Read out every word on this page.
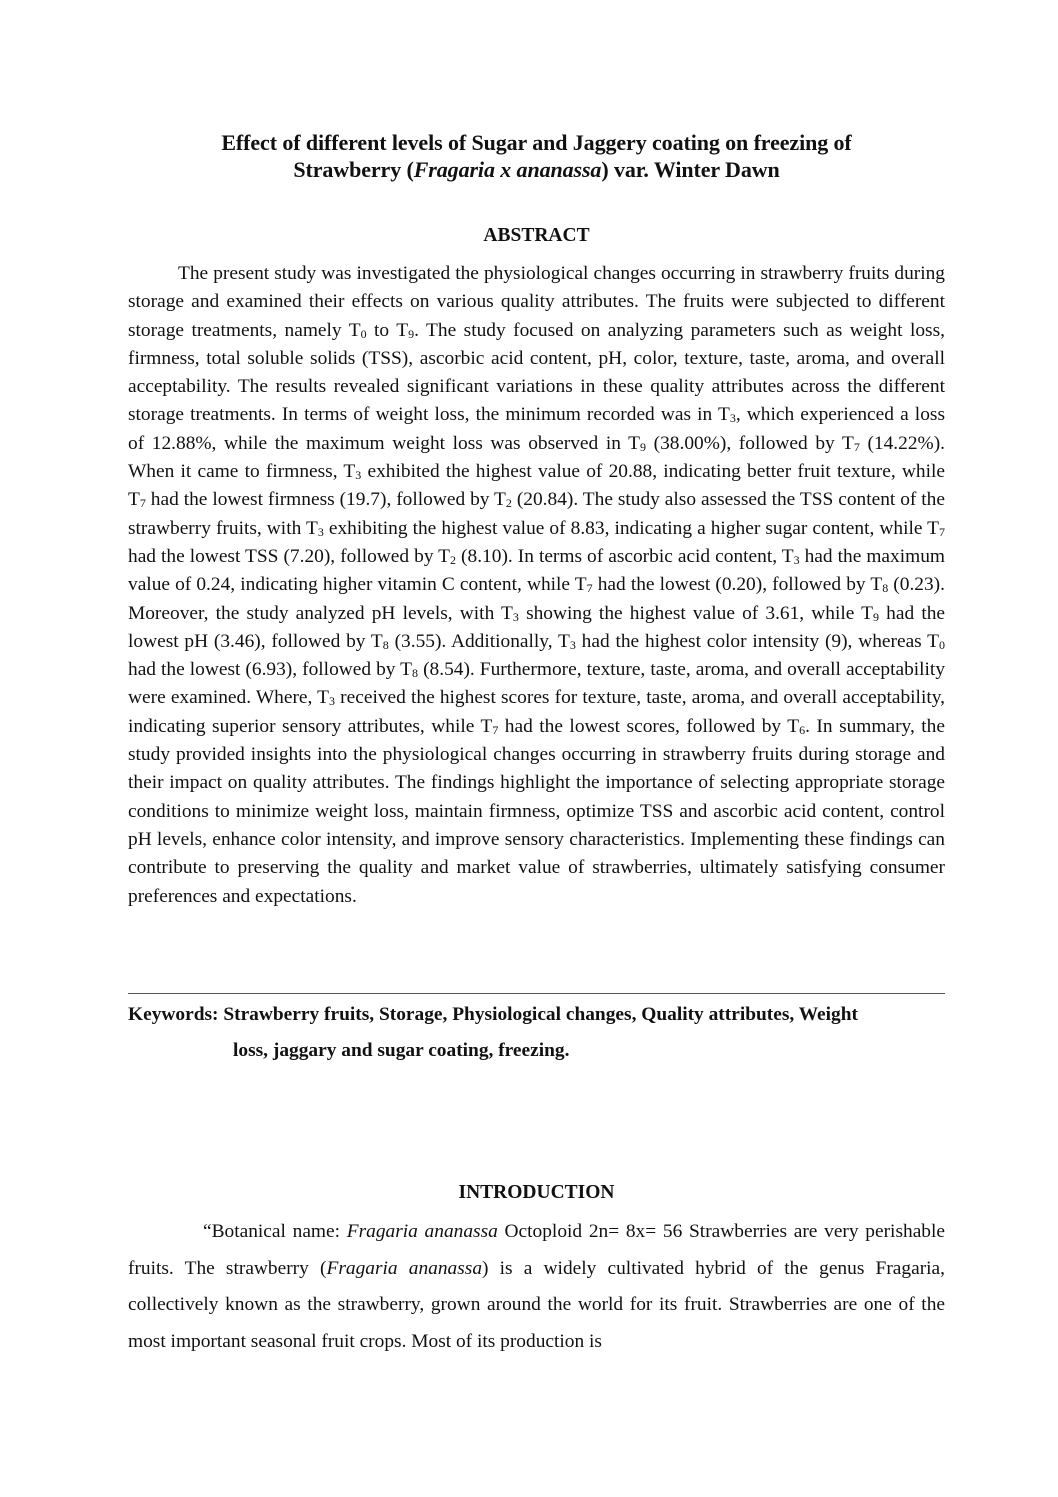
Effect of different levels of Sugar and Jaggery coating on freezing of
Strawberry (Fragaria x ananassa) var. Winter Dawn
ABSTRACT

The present study was investigated the physiological changes occurring in strawberry fruits during storage and examined their effects on various quality attributes. The fruits were subjected to different storage treatments, namely $T_0$ to $T_9$. The study focused on analyzing parameters such as weight loss, firmness, total soluble solids (TSS), ascorbic acid content, pH, color, texture, taste, aroma, and overall acceptability. The results revealed significant variations in these quality attributes across the different storage treatments. In terms of weight loss, the minimum recorded was in $T_3$, which experienced a loss of 12.88%, while the maximum weight loss was observed in $T_9$ (38.00%), followed by $T_7$ (14.22%). When it came to firmness, $T_3$ exhibited the highest value of 20.88, indicating better fruit texture, while $T_7$ had the lowest firmness (19.7), followed by $T_2$ (20.84). The study also assessed the TSS content of the strawberry fruits, with $T_3$ exhibiting the highest value of 8.83, indicating a higher sugar content, while $T_7$ had the lowest TSS (7.20), followed by $T_2$ (8.10). In terms of ascorbic acid content, $T_3$ had the maximum value of 0.24, indicating higher vitamin C content, while $T_7$ had the lowest (0.20), followed by $T_8$ (0.23). Moreover, the study analyzed pH levels, with $T_3$ showing the highest value of 3.61, while $T_9$ had the lowest pH (3.46), followed by $T_8$ (3.55). Additionally, $T_3$ had the highest color intensity (9), whereas $T_0$ had the lowest (6.93), followed by $T_8$ (8.54). Furthermore, texture, taste, aroma, and overall acceptability were examined. Where, $T_3$ received the highest scores for texture, taste, aroma, and overall acceptability, indicating superior sensory attributes, while $T_7$ had the lowest scores, followed by $T_6$. In summary, the study provided insights into the physiological changes occurring in strawberry fruits during storage and their impact on quality attributes. The findings highlight the importance of selecting appropriate storage conditions to minimize weight loss, maintain firmness, optimize TSS and ascorbic acid content, control pH levels, enhance color intensity, and improve sensory characteristics. Implementing these findings can contribute to preserving the quality and market value of strawberries, ultimately satisfying consumer preferences and expectations.

Keywords: Strawberry fruits, Storage, Physiological changes, Quality attributes, Weight
loss, jaggary and sugar coating, freezing.

INTRODUCTION

“Botanical name: Fragaria ananassa Octoploid 2n= 8x= 56 Strawberries are very perishable fruits. The strawberry (Fragaria ananassa) is a widely cultivated hybrid of the genus Fragaria, collectively known as the strawberry, grown around the world for its fruit. Strawberries are one of the most important seasonal fruit crops. Most of its production is
